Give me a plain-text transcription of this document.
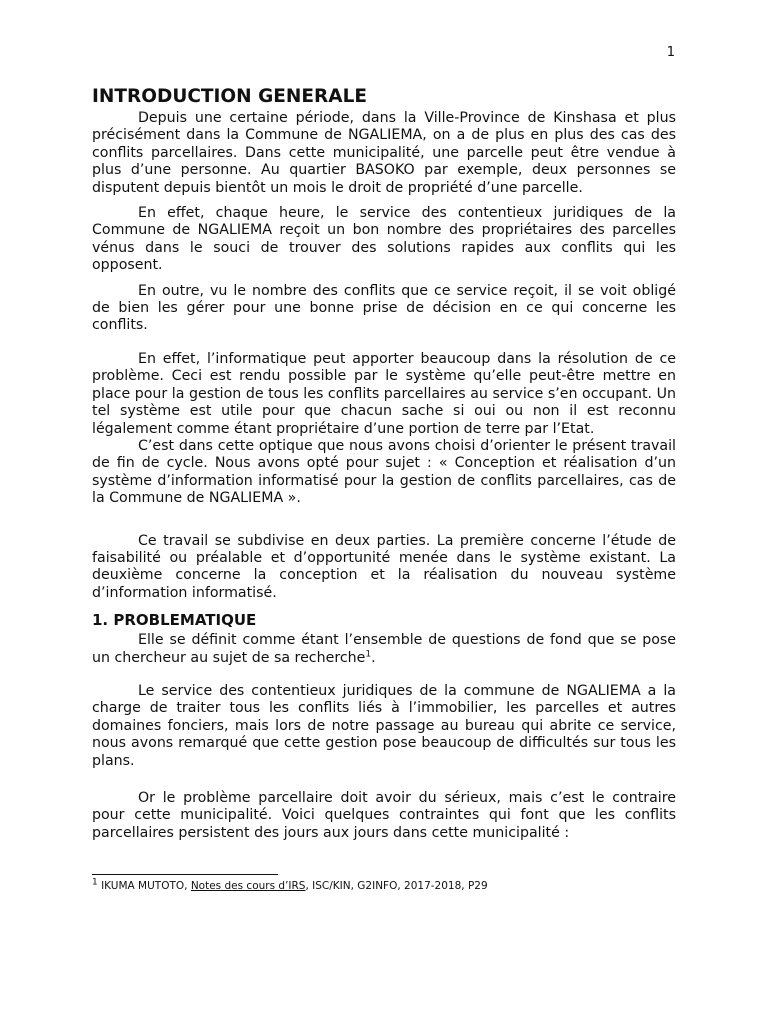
1
INTRODUCTION GENERALE

Depuis une certaine période, dans la Ville-Province de Kinshasa et plus précisément dans la Commune de NGALIEMA, on a de plus en plus des cas des conflits parcellaires. Dans cette municipalité, une parcelle peut être vendue à plus d’une personne. Au quartier BASOKO par exemple, deux personnes se disputent depuis bientôt un mois le droit de propriété d’une parcelle.

En effet, chaque heure, le service des contentieux juridiques de la Commune de NGALIEMA reçoit un bon nombre des propriétaires des parcelles vénus dans le souci de trouver des solutions rapides aux conflits qui les opposent.

En outre, vu le nombre des conflits que ce service reçoit, il se voit obligé de bien les gérer pour une bonne prise de décision en ce qui concerne les conflits.

En effet, l’informatique peut apporter beaucoup dans la résolution de ce problème. Ceci est rendu possible par le système qu’elle peut-être mettre en place pour la gestion de tous les conflits parcellaires au service s’en occupant. Un tel système est utile pour que chacun sache si oui ou non il est reconnu légalement comme étant propriétaire d’une portion de terre par l’Etat.

C’est dans cette optique que nous avons choisi d’orienter le présent travail de fin de cycle. Nous avons opté pour sujet : « Conception et réalisation d’un système d’information informatisé pour la gestion de conflits parcellaires, cas de la Commune de NGALIEMA ».

Ce travail se subdivise en deux parties. La première concerne l’étude de faisabilité ou préalable et d’opportunité menée dans le système existant. La deuxième concerne la conception et la réalisation du nouveau système d’information informatisé.

1. PROBLEMATIQUE

Elle se définit comme étant l’ensemble de questions de fond que se pose un chercheur au sujet de sa recherche$^1$.

Le service des contentieux juridiques de la commune de NGALIEMA a la charge de traiter tous les conflits liés à l’immobilier, les parcelles et autres domaines fonciers, mais lors de notre passage au bureau qui abrite ce service, nous avons remarqué que cette gestion pose beaucoup de difficultés sur tous les plans.

Or le problème parcellaire doit avoir du sérieux, mais c’est le contraire pour cette municipalité. Voici quelques contraintes qui font que les conflits parcellaires persistent des jours aux jours dans cette municipalité :

$^1$ IKUMA MUTOTO, Notes des cours d’IRS, ISC/KIN, G2INFO, 2017-2018, P29
